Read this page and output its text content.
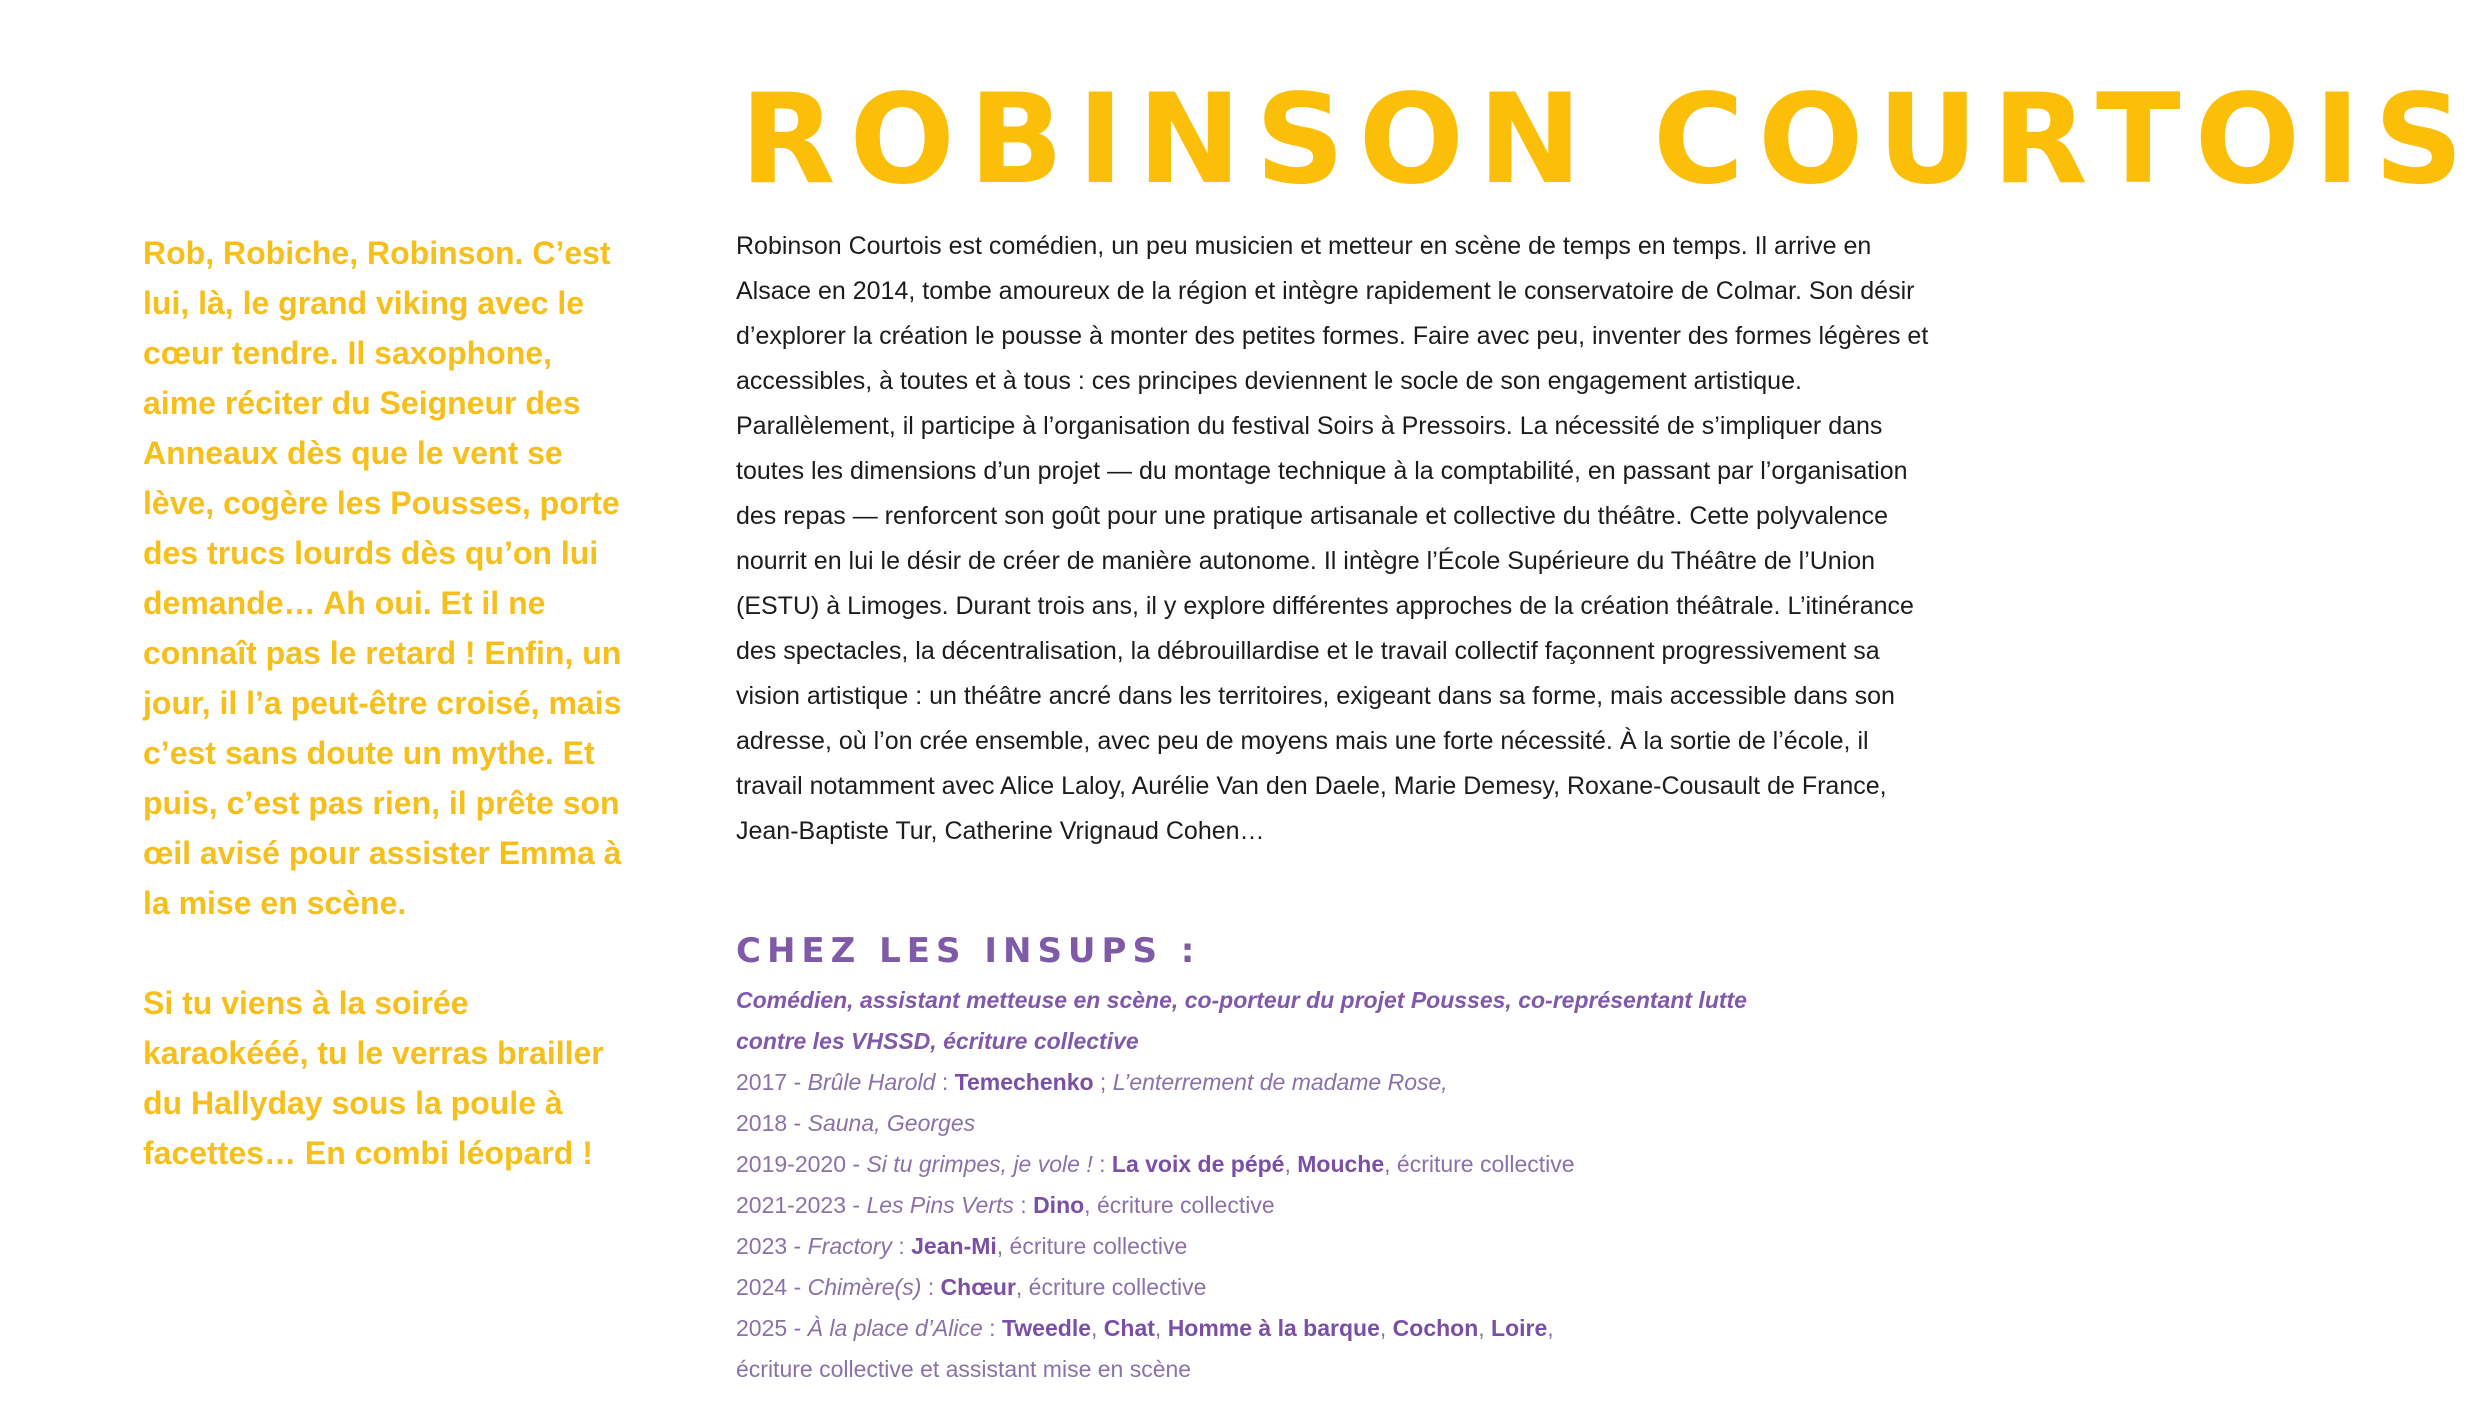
ROBINSON COURTOIS

Rob, Robiche, Robinson. C’est lui, là, le grand viking avec le cœur tendre. Il saxophone, aime réciter du Seigneur des Anneaux dès que le vent se lève, cogère les Pousses, porte des trucs lourds dès qu’on lui demande… Ah oui. Et il ne connaît pas le retard ! Enfin, un jour, il l’a peut-être croisé, mais c’est sans doute un mythe. Et puis, c’est pas rien, il prête son œil avisé pour assister Emma à la mise en scène.

Si tu viens à la soirée karaokééé, tu le verras brailler du Hallyday sous la poule à facettes… En combi léopard !

Robinson Courtois est comédien, un peu musicien et metteur en scène de temps en temps. Il arrive en Alsace en 2014, tombe amoureux de la région et intègre rapidement le conservatoire de Colmar. Son désir d’explorer la création le pousse à monter des petites formes. Faire avec peu, inventer des formes légères et accessibles, à toutes et à tous : ces principes deviennent le socle de son engagement artistique. Parallèlement, il participe à l’organisation du festival Soirs à Pressoirs. La nécessité de s’impliquer dans toutes les dimensions d’un projet — du montage technique à la comptabilité, en passant par l’organisation des repas — renforcent son goût pour une pratique artisanale et collective du théâtre. Cette polyvalence nourrit en lui le désir de créer de manière autonome. Il intègre l’École Supérieure du Théâtre de l’Union (ESTU) à Limoges. Durant trois ans, il y explore différentes approches de la création théâtrale. L’itinérance des spectacles, la décentralisation, la débrouillardise et le travail collectif façonnent progressivement sa vision artistique : un théâtre ancré dans les territoires, exigeant dans sa forme, mais accessible dans son adresse, où l’on crée ensemble, avec peu de moyens mais une forte nécessité. À la sortie de l’école, il travail notamment avec Alice Laloy, Aurélie Van den Daele, Marie Demesy, Roxane-Cousault de France, Jean-Baptiste Tur, Catherine Vrignaud Cohen…

CHEZ LES INSUPS :

Comédien, assistant metteuse en scène, co-porteur du projet Pousses, co-représentant lutte
contre les VHSSD, écriture collective

2017 - Brûle Harold : Temechenko ; L’enterrement de madame Rose,
2018 - Sauna, Georges
2019-2020 - Si tu grimpes, je vole ! : La voix de pépé, Mouche, écriture collective
2021-2023 - Les Pins Verts : Dino, écriture collective
2023 - Fractory : Jean-Mi, écriture collective
2024 - Chimère(s) : Chœur, écriture collective
2025 - À la place d’Alice : Tweedle, Chat, Homme à la barque, Cochon, Loire,
écriture collective et assistant mise en scène
